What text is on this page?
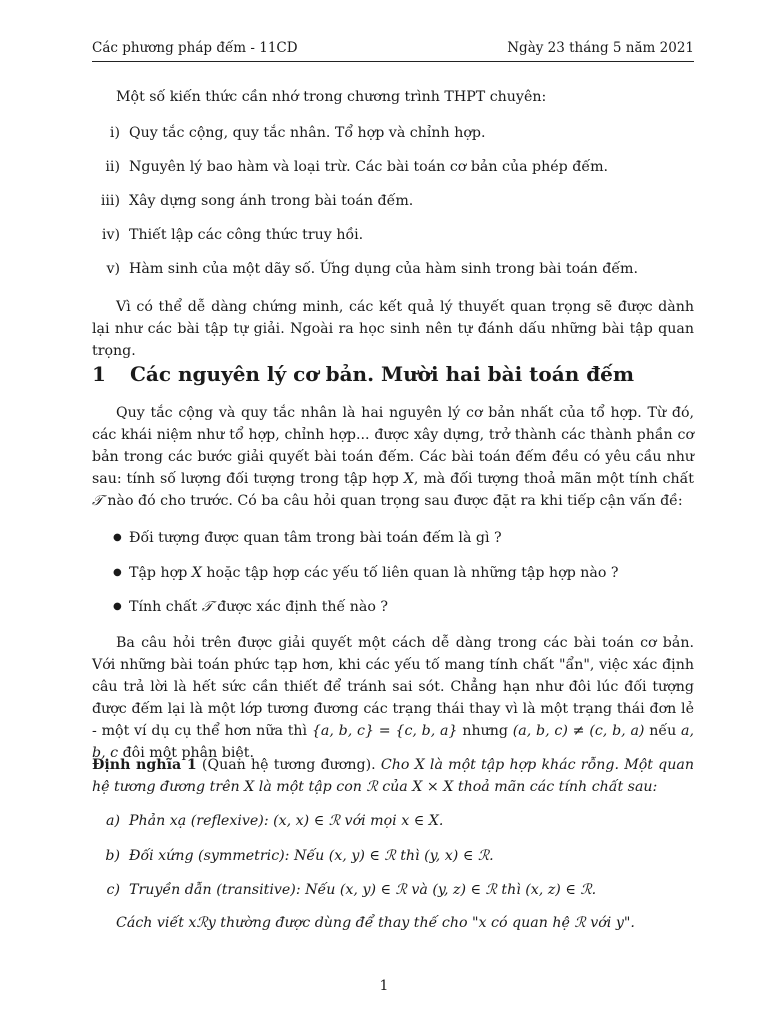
Các phương pháp đếm - 11CD	Ngày 23 tháng 5 năm 2021
Một số kiến thức cần nhớ trong chương trình THPT chuyên:
i) Quy tắc cộng, quy tắc nhân. Tổ hợp và chỉnh hợp.
ii) Nguyên lý bao hàm và loại trừ. Các bài toán cơ bản của phép đếm.
iii) Xây dựng song ánh trong bài toán đếm.
iv) Thiết lập các công thức truy hồi.
v) Hàm sinh của một dãy số. Ứng dụng của hàm sinh trong bài toán đếm.
Vì có thể dễ dàng chứng minh, các kết quả lý thuyết quan trọng sẽ được dành lại như các bài tập tự giải. Ngoài ra học sinh nên tự đánh dấu những bài tập quan trọng.
1 Các nguyên lý cơ bản. Mười hai bài toán đếm
Quy tắc cộng và quy tắc nhân là hai nguyên lý cơ bản nhất của tổ hợp. Từ đó, các khái niệm như tổ hợp, chỉnh hợp... được xây dựng, trở thành các thành phần cơ bản trong các bước giải quyết bài toán đếm. Các bài toán đếm đều có yêu cầu như sau: tính số lượng đối tượng trong tập hợp X, mà đối tượng thoả mãn một tính chất 𝒯 nào đó cho trước. Có ba câu hỏi quan trọng sau được đặt ra khi tiếp cận vấn đề:
● Đối tượng được quan tâm trong bài toán đếm là gì ?
● Tập hợp X hoặc tập hợp các yếu tố liên quan là những tập hợp nào ?
● Tính chất 𝒯 được xác định thế nào ?
Ba câu hỏi trên được giải quyết một cách dễ dàng trong các bài toán cơ bản. Với những bài toán phức tạp hơn, khi các yếu tố mang tính chất "ẩn", việc xác định câu trả lời là hết sức cần thiết để tránh sai sót. Chẳng hạn như đôi lúc đối tượng được đếm lại là một lớp tương đương các trạng thái thay vì là một trạng thái đơn lẻ - một ví dụ cụ thể hơn nữa thì {a, b, c} = {c, b, a} nhưng (a, b, c) ≠ (c, b, a) nếu a, b, c đôi một phân biệt.
Định nghĩa 1 (Quan hệ tương đương). Cho X là một tập hợp khác rỗng. Một quan hệ tương đương trên X là một tập con ℛ của X × X thoả mãn các tính chất sau:
a) Phản xạ (reflexive): (x, x) ∈ ℛ với mọi x ∈ X.
b) Đối xứng (symmetric): Nếu (x, y) ∈ ℛ thì (y, x) ∈ ℛ.
c) Truyền dẫn (transitive): Nếu (x, y) ∈ ℛ và (y, z) ∈ ℛ thì (x, z) ∈ ℛ.
Cách viết xℛy thường được dùng để thay thế cho "x có quan hệ ℛ với y".
1
